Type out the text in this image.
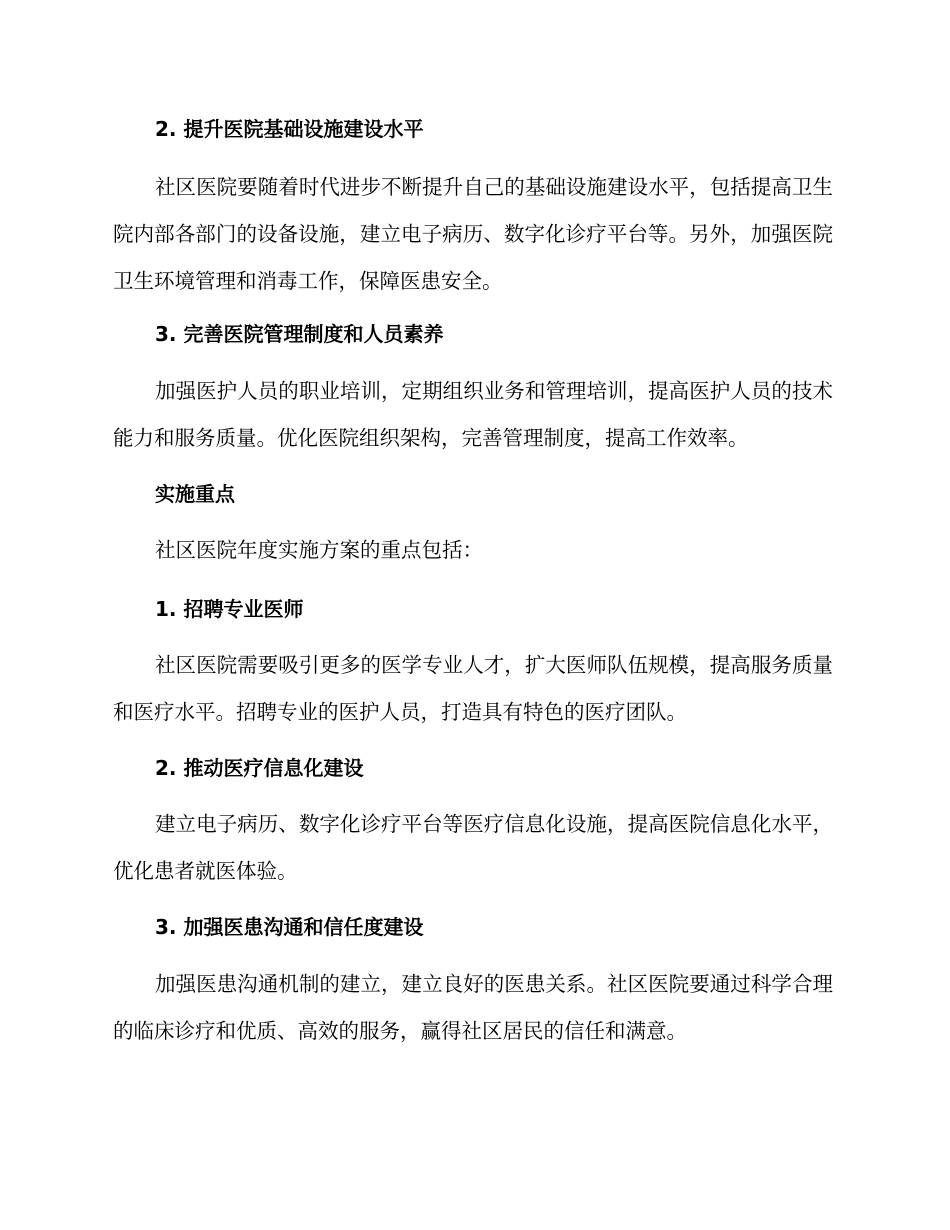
2. 提升医院基础设施建设水平

社区医院要随着时代进步不断提升自己的基础设施建设水平，包括提高卫生院内部各部门的设备设施，建立电子病历、数字化诊疗平台等。另外，加强医院卫生环境管理和消毒工作，保障医患安全。

3. 完善医院管理制度和人员素养

加强医护人员的职业培训，定期组织业务和管理培训，提高医护人员的技术能力和服务质量。优化医院组织架构，完善管理制度，提高工作效率。

实施重点

社区医院年度实施方案的重点包括：

1. 招聘专业医师

社区医院需要吸引更多的医学专业人才，扩大医师队伍规模，提高服务质量和医疗水平。招聘专业的医护人员，打造具有特色的医疗团队。

2. 推动医疗信息化建设

建立电子病历、数字化诊疗平台等医疗信息化设施，提高医院信息化水平，优化患者就医体验。

3. 加强医患沟通和信任度建设

加强医患沟通机制的建立，建立良好的医患关系。社区医院要通过科学合理的临床诊疗和优质、高效的服务，赢得社区居民的信任和满意。
